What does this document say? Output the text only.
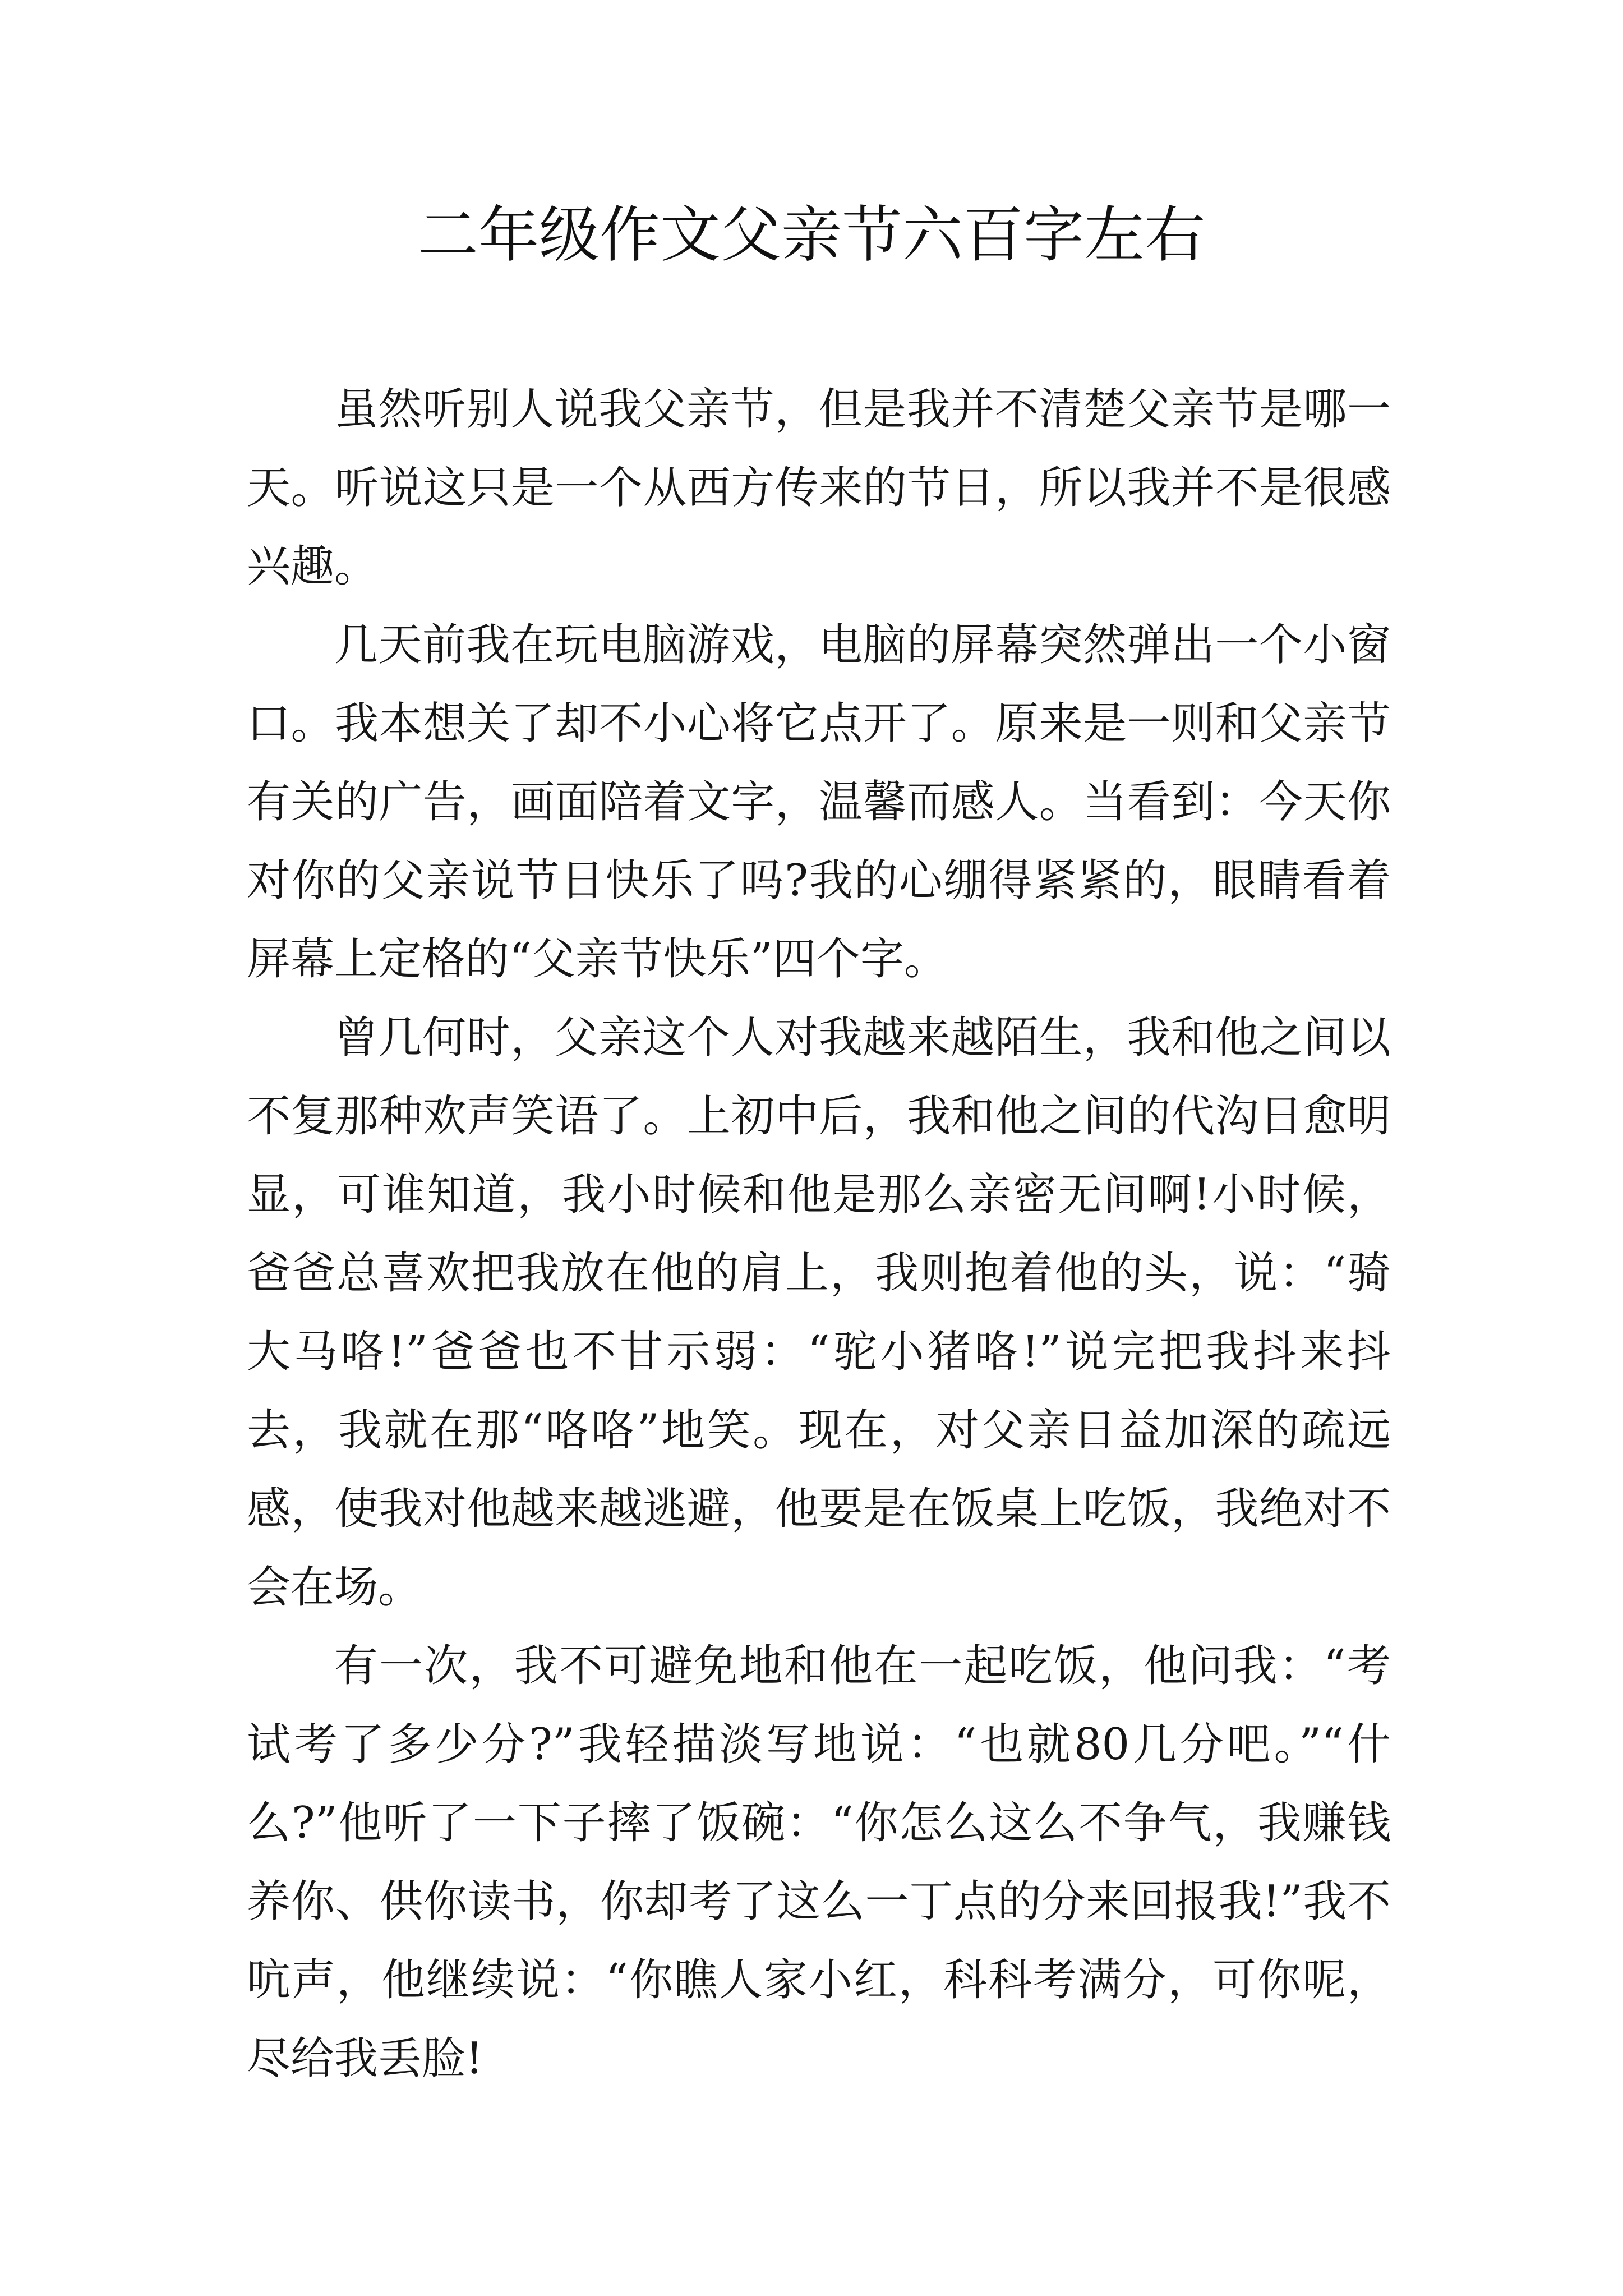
二年级作文父亲节六百字左右

虽然听别人说我父亲节，但是我并不清楚父亲节是哪一天。听说这只是一个从西方传来的节日，所以我并不是很感兴趣。

几天前我在玩电脑游戏，电脑的屏幕突然弹出一个小窗口。我本想关了却不小心将它点开了。原来是一则和父亲节有关的广告，画面陪着文字，温馨而感人。当看到：今天你对你的父亲说节日快乐了吗?我的心绷得紧紧的，眼睛看着屏幕上定格的“父亲节快乐”四个字。

曾几何时，父亲这个人对我越来越陌生，我和他之间以不复那种欢声笑语了。上初中后，我和他之间的代沟日愈明显，可谁知道，我小时候和他是那么亲密无间啊!小时候，爸爸总喜欢把我放在他的肩上，我则抱着他的头，说：“骑大马咯!”爸爸也不甘示弱：“驼小猪咯!”说完把我抖来抖去，我就在那“咯咯”地笑。现在，对父亲日益加深的疏远感，使我对他越来越逃避，他要是在饭桌上吃饭，我绝对不会在场。

有一次，我不可避免地和他在一起吃饭，他问我：“考试考了多少分?”我轻描淡写地说：“也就80几分吧。”“什么?”他听了一下子摔了饭碗：“你怎么这么不争气，我赚钱养你、供你读书，你却考了这么一丁点的分来回报我!”我不吭声，他继续说：“你瞧人家小红，科科考满分，可你呢，尽给我丢脸!
